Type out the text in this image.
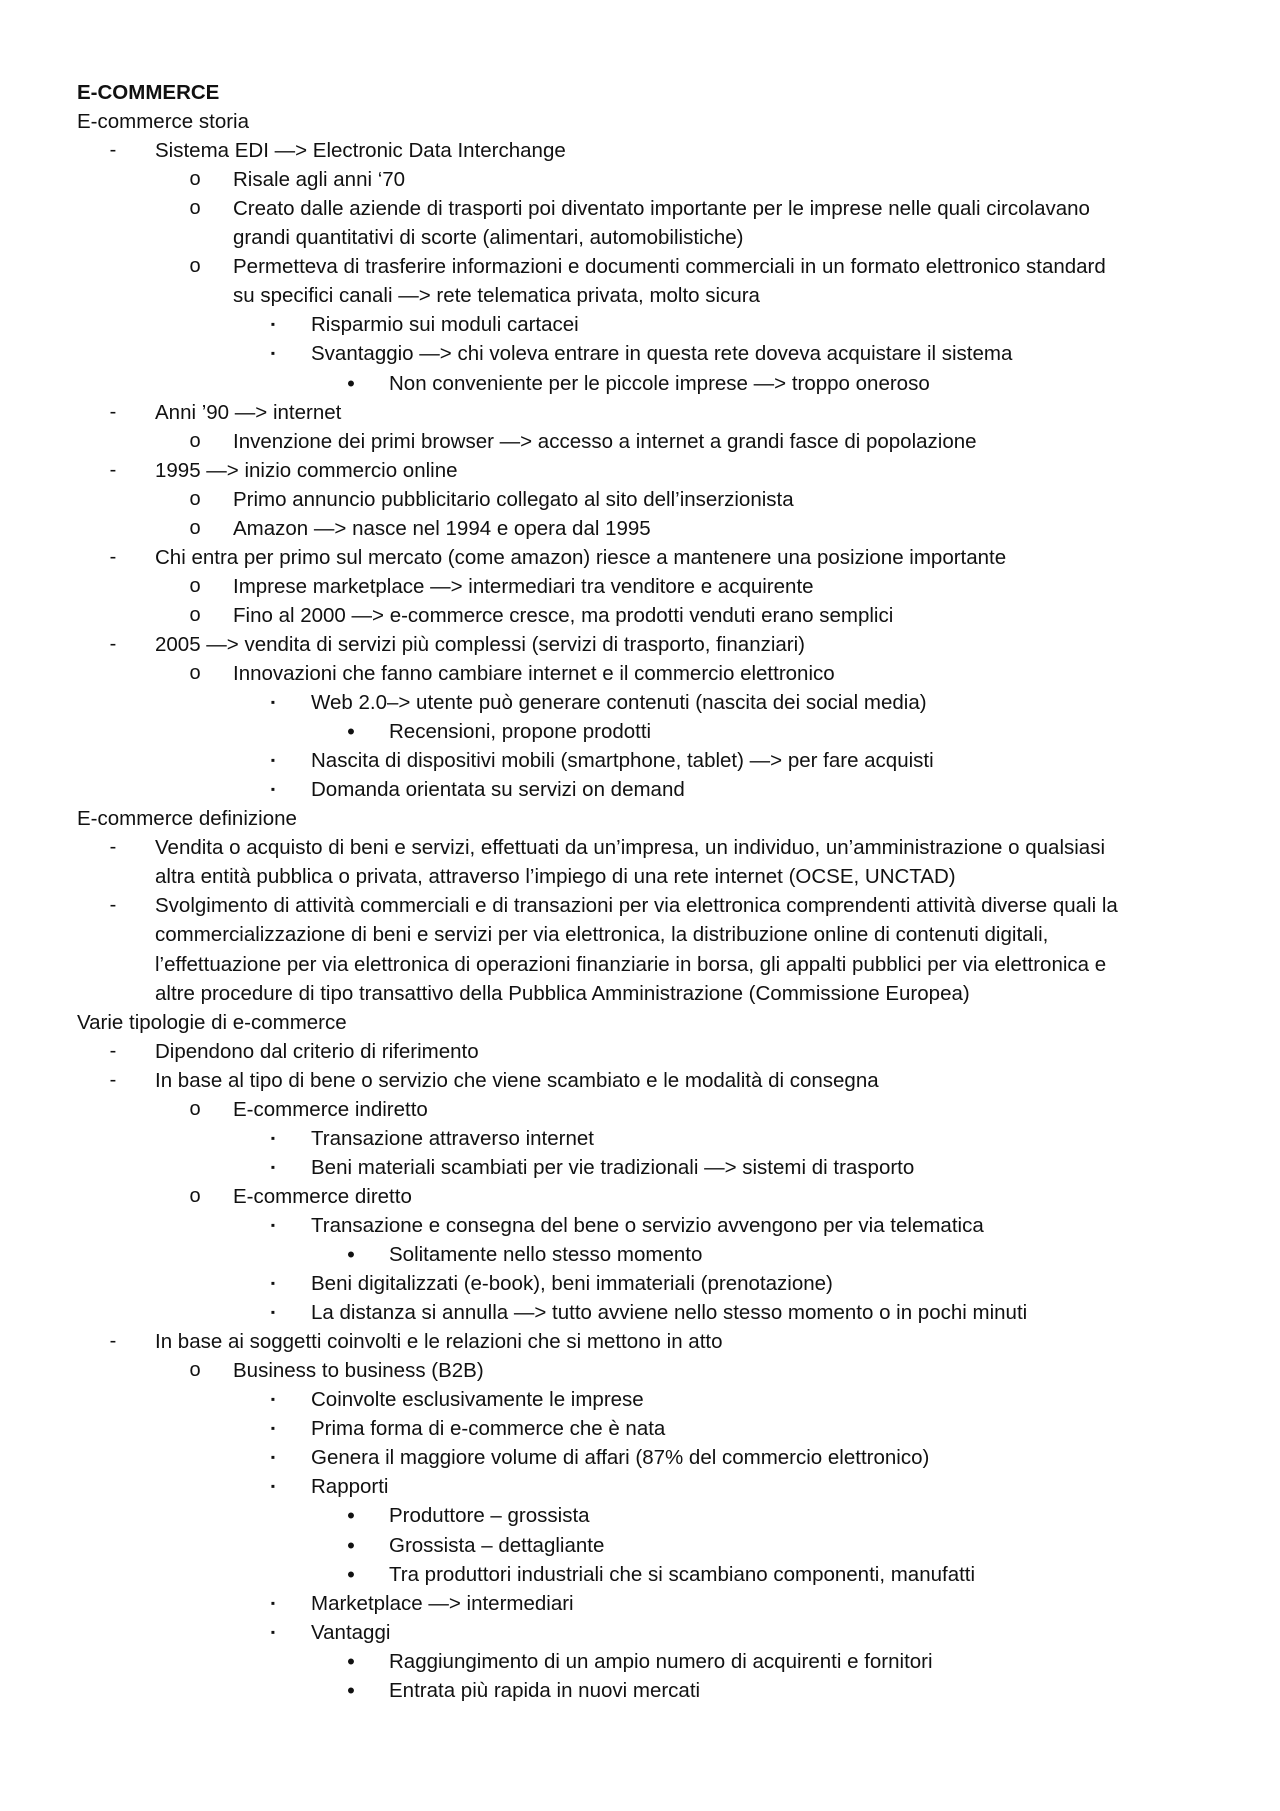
E-COMMERCE
E-commerce storia
-	Sistema EDI —> Electronic Data Interchange
o	Risale agli anni ‘70
o	Creato dalle aziende di trasporti poi diventato importante per le imprese nelle quali circolavano
grandi quantitativi di scorte (alimentari, automobilistiche)
o	Permetteva di trasferire informazioni e documenti commerciali in un formato elettronico standard
su specifici canali —> rete telematica privata, molto sicura
▪	Risparmio sui moduli cartacei
▪	Svantaggio —> chi voleva entrare in questa rete doveva acquistare il sistema
•	Non conveniente per le piccole imprese —> troppo oneroso
-	Anni ’90 —> internet
o	Invenzione dei primi browser —> accesso a internet a grandi fasce di popolazione
-	1995 —> inizio commercio online
o	Primo annuncio pubblicitario collegato al sito dell’inserzionista
o	Amazon —> nasce nel 1994 e opera dal 1995
-	Chi entra per primo sul mercato (come amazon) riesce a mantenere una posizione importante
o	Imprese marketplace —> intermediari tra venditore e acquirente
o	Fino al 2000 —> e-commerce cresce, ma prodotti venduti erano semplici
-	2005 —> vendita di servizi più complessi (servizi di trasporto, finanziari)
o	Innovazioni che fanno cambiare internet e il commercio elettronico
▪	Web 2.0–> utente può generare contenuti (nascita dei social media)
•	Recensioni, propone prodotti
▪	Nascita di dispositivi mobili (smartphone, tablet) —> per fare acquisti
▪	Domanda orientata su servizi on demand
E-commerce definizione
-	Vendita o acquisto di beni e servizi, effettuati da un’impresa, un individuo, un’amministrazione o qualsiasi
altra entità pubblica o privata, attraverso l’impiego di una rete internet (OCSE, UNCTAD)
-	Svolgimento di attività commerciali e di transazioni per via elettronica comprendenti attività diverse quali la
commercializzazione di beni e servizi per via elettronica, la distribuzione online di contenuti digitali,
l’effettuazione per via elettronica di operazioni finanziarie in borsa, gli appalti pubblici per via elettronica e
altre procedure di tipo transattivo della Pubblica Amministrazione (Commissione Europea)
Varie tipologie di e-commerce
-	Dipendono dal criterio di riferimento
-	In base al tipo di bene o servizio che viene scambiato e le modalità di consegna
o	E-commerce indiretto
▪	Transazione attraverso internet
▪	Beni materiali scambiati per vie tradizionali —> sistemi di trasporto
o	E-commerce diretto
▪	Transazione e consegna del bene o servizio avvengono per via telematica
•	Solitamente nello stesso momento
▪	Beni digitalizzati (e-book), beni immateriali (prenotazione)
▪	La distanza si annulla —> tutto avviene nello stesso momento o in pochi minuti
-	In base ai soggetti coinvolti e le relazioni che si mettono in atto
o	Business to business (B2B)
▪	Coinvolte esclusivamente le imprese
▪	Prima forma di e-commerce che è nata
▪	Genera il maggiore volume di affari (87% del commercio elettronico)
▪	Rapporti
•	Produttore – grossista
•	Grossista – dettagliante
•	Tra produttori industriali che si scambiano componenti, manufatti
▪	Marketplace —> intermediari
▪	Vantaggi
•	Raggiungimento di un ampio numero di acquirenti e fornitori
•	Entrata più rapida in nuovi mercati
